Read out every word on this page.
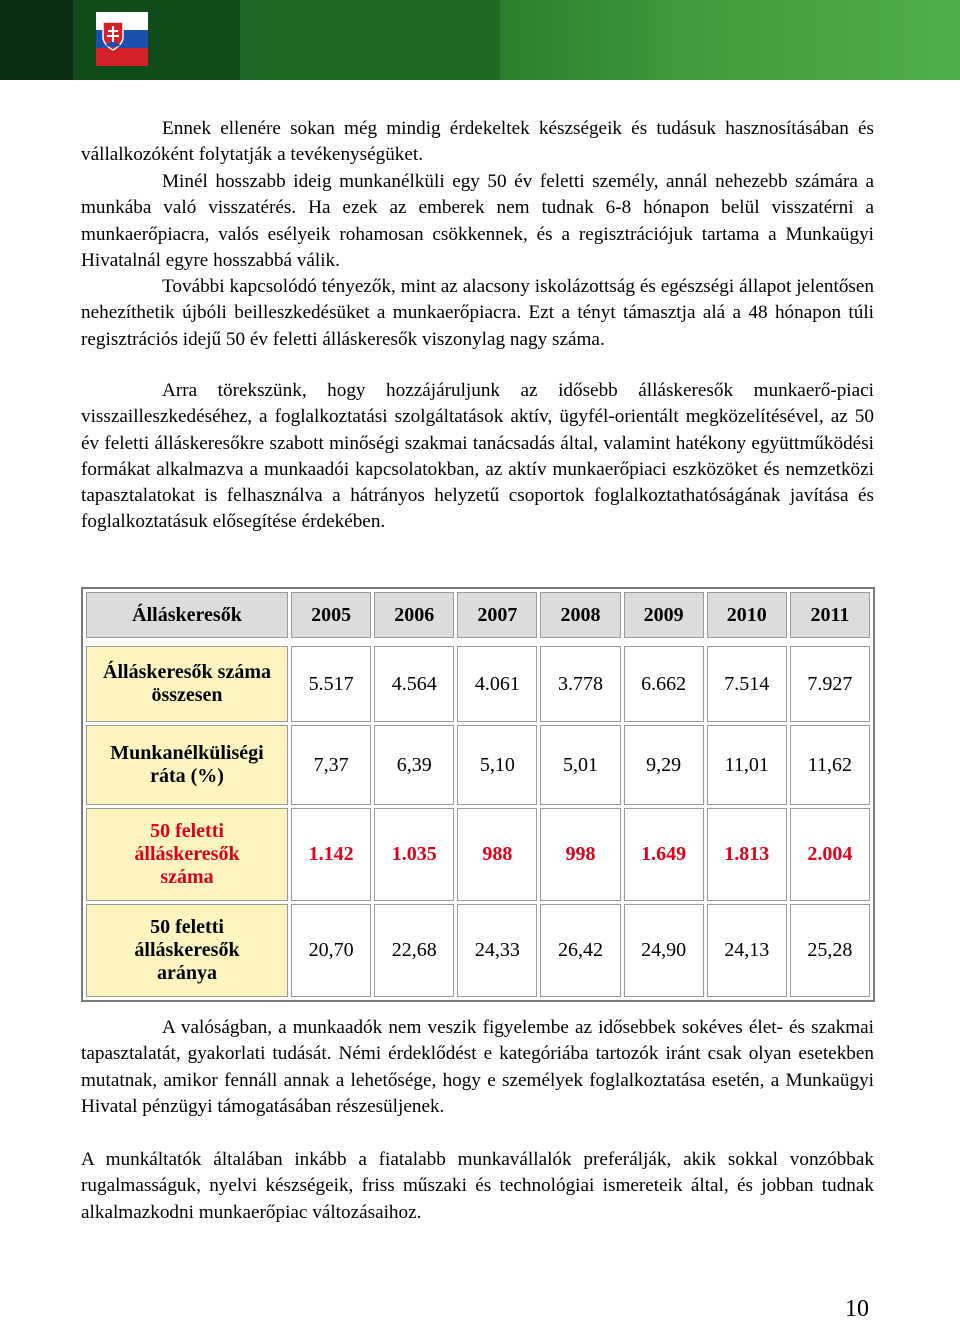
Ennek ellenére sokan még mindig érdekeltek készségeik és tudásuk hasznosításában és vállalkozóként folytatják a tevékenységüket.

Minél hosszabb ideig munkanélküli egy 50 év feletti személy, annál nehezebb számára a munkába való visszatérés. Ha ezek az emberek nem tudnak 6-8 hónapon belül visszatérni a munkaerőpiacra, valós esélyeik rohamosan csökkennek, és a regisztrációjuk tartama a Munkaügyi Hivatalnál egyre hosszabbá válik.

További kapcsolódó tényezők, mint az alacsony iskolázottság és egészségi állapot jelentősen nehezíthetik újbóli beilleszkedésüket a munkaerőpiacra. Ezt a tényt támasztja alá a 48 hónapon túli regisztrációs idejű 50 év feletti álláskeresők viszonylag nagy száma.

Arra törekszünk, hogy hozzájáruljunk az idősebb álláskeresők munkaerő-piaci visszailleszkedéséhez, a foglalkoztatási szolgáltatások aktív, ügyfél-orientált megközelítésével, az 50 év feletti álláskeresőkre szabott minőségi szakmai tanácsadás által, valamint hatékony együttműködési formákat alkalmazva a munkaadói kapcsolatokban, az aktív munkaerőpiaci eszközöket és nemzetközi tapasztalatokat is felhasználva a hátrányos helyzetű csoportok foglalkoztathatóságának javítása és foglalkoztatásuk elősegítése érdekében.

Álláskeresők	2005	2006	2007	2008	2009	2010	2011

Álláskeresők száma összesen	5.517	4.564	4.061	3.778	6.662	7.514	7.927
Munkanélküliségi ráta (%)	7,37	6,39	5,10	5,01	9,29	11,01	11,62
50 feletti álláskeresők száma	1.142	1.035	988	998	1.649	1.813	2.004
50 feletti álláskeresők aránya	20,70	22,68	24,33	26,42	24,90	24,13	25,28

A valóságban, a munkaadók nem veszik figyelembe az idősebbek sokéves élet- és szakmai tapasztalatát, gyakorlati tudását. Némi érdeklődést e kategóriába tartozók iránt csak olyan esetekben mutatnak, amikor fennáll annak a lehetősége, hogy e személyek foglalkoztatása esetén, a Munkaügyi Hivatal pénzügyi támogatásában részesüljenek.

A munkáltatók általában inkább a fiatalabb munkavállalók preferálják, akik sokkal vonzóbbak rugalmasságuk, nyelvi készségeik, friss műszaki és technológiai ismereteik által, és jobban tudnak alkalmazkodni munkaerőpiac változásaihoz.

10
